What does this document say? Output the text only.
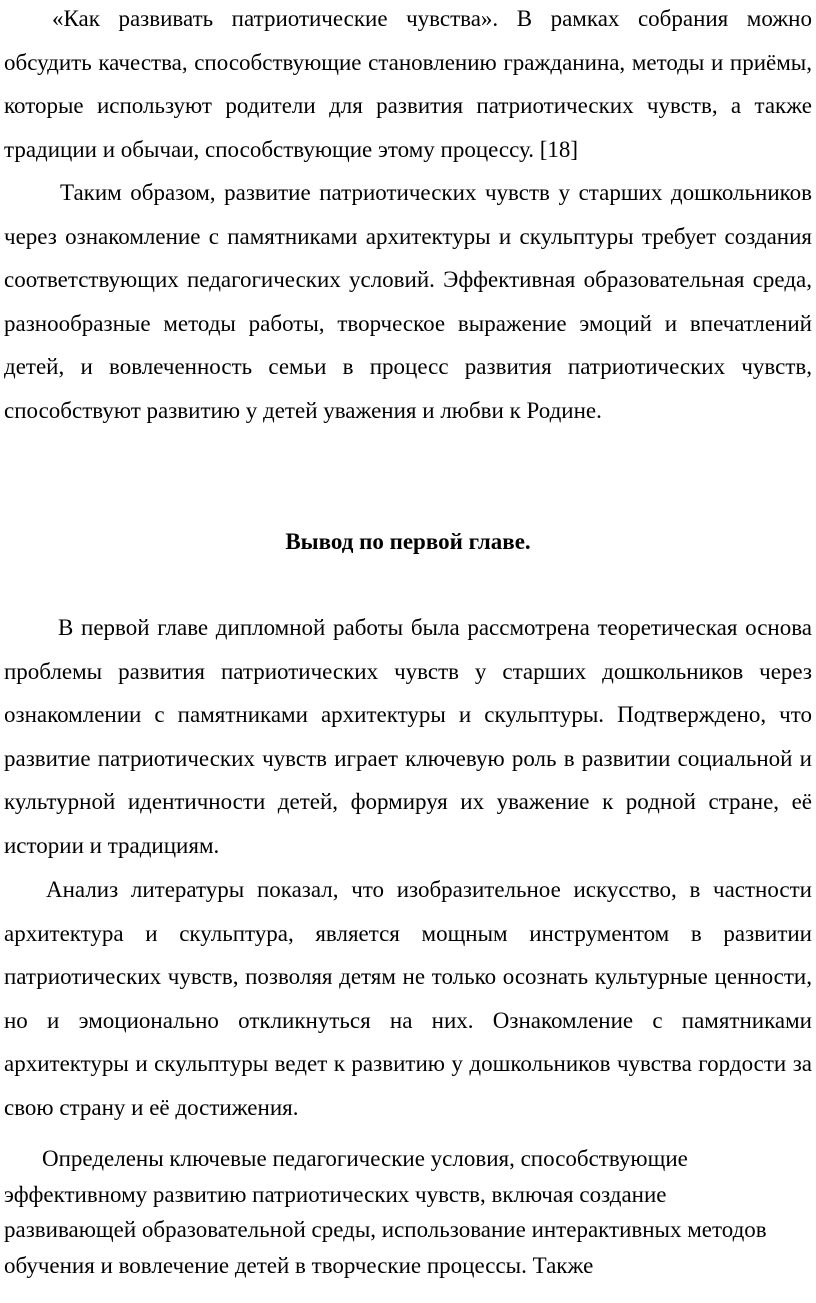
«Как развивать патриотические чувства». В рамках собрания можно обсудить качества, способствующие становлению гражданина, методы и приёмы, которые используют родители для развития патриотических чувств, а также традиции и обычаи, способствующие этому процессу. [18]

Таким образом, развитие патриотических чувств у старших дошкольников через ознакомление с памятниками архитектуры и скульптуры требует создания соответствующих педагогических условий. Эффективная образовательная среда, разнообразные методы работы, творческое выражение эмоций и впечатлений детей, и вовлеченность семьи в процесс развития патриотических чувств, способствуют развитию у детей уважения и любви к Родине.

Вывод по первой главе.

В первой главе дипломной работы была рассмотрена теоретическая основа проблемы развития патриотических чувств у старших дошкольников через ознакомлении с памятниками архитектуры и скульптуры. Подтверждено, что развитие патриотических чувств играет ключевую роль в развитии социальной и культурной идентичности детей, формируя их уважение к родной стране, её истории и традициям.

Анализ литературы показал, что изобразительное искусство, в частности архитектура и скульптура, является мощным инструментом в развитии патриотических чувств, позволяя детям не только осознать культурные ценности, но и эмоционально откликнуться на них. Ознакомление с памятниками архитектуры и скульптуры ведет к развитию у дошкольников чувства гордости за свою страну и её достижения.

Определены ключевые педагогические условия, способствующие эффективному развитию патриотических чувств, включая создание развивающей образовательной среды, использование интерактивных методов обучения и вовлечение детей в творческие процессы. Также
